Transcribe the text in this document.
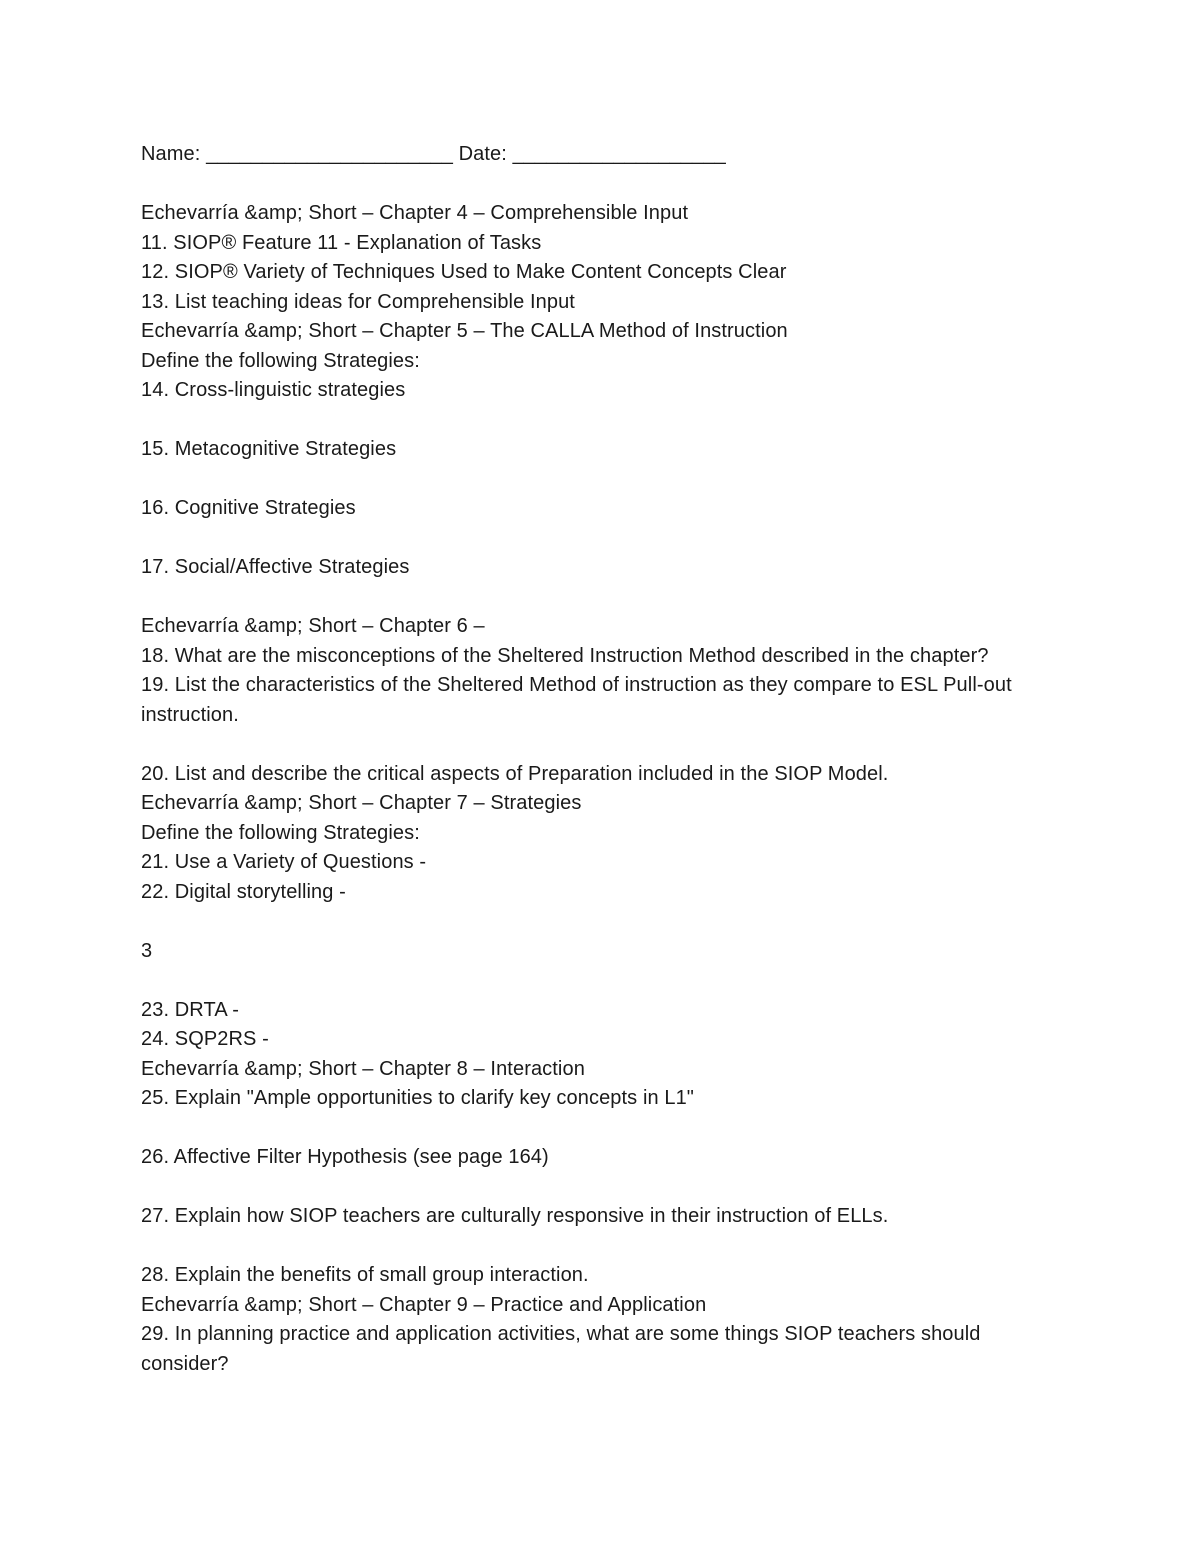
Name: ______________________ Date: ___________________
Echevarría &amp; Short – Chapter 4 – Comprehensible Input
11. SIOP® Feature 11 - Explanation of Tasks
12. SIOP® Variety of Techniques Used to Make Content Concepts Clear
13. List teaching ideas for Comprehensible Input
Echevarría &amp; Short – Chapter 5 – The CALLA Method of Instruction
Define the following Strategies:
14. Cross-linguistic strategies
15. Metacognitive Strategies
16. Cognitive Strategies
17. Social/Affective Strategies
Echevarría &amp; Short – Chapter 6 –
18. What are the misconceptions of the Sheltered Instruction Method described in the chapter?
19. List the characteristics of the Sheltered Method of instruction as they compare to ESL Pull-out instruction.
20. List and describe the critical aspects of Preparation included in the SIOP Model.
Echevarría &amp; Short – Chapter 7 – Strategies
Define the following Strategies:
21. Use a Variety of Questions -
22. Digital storytelling -
3
23. DRTA -
24. SQP2RS -
Echevarría &amp; Short – Chapter 8 – Interaction
25. Explain "Ample opportunities to clarify key concepts in L1"
26. Affective Filter Hypothesis (see page 164)
27. Explain how SIOP teachers are culturally responsive in their instruction of ELLs.
28. Explain the benefits of small group interaction.
Echevarría &amp; Short – Chapter 9 – Practice and Application
29. In planning practice and application activities, what are some things SIOP teachers should consider?
